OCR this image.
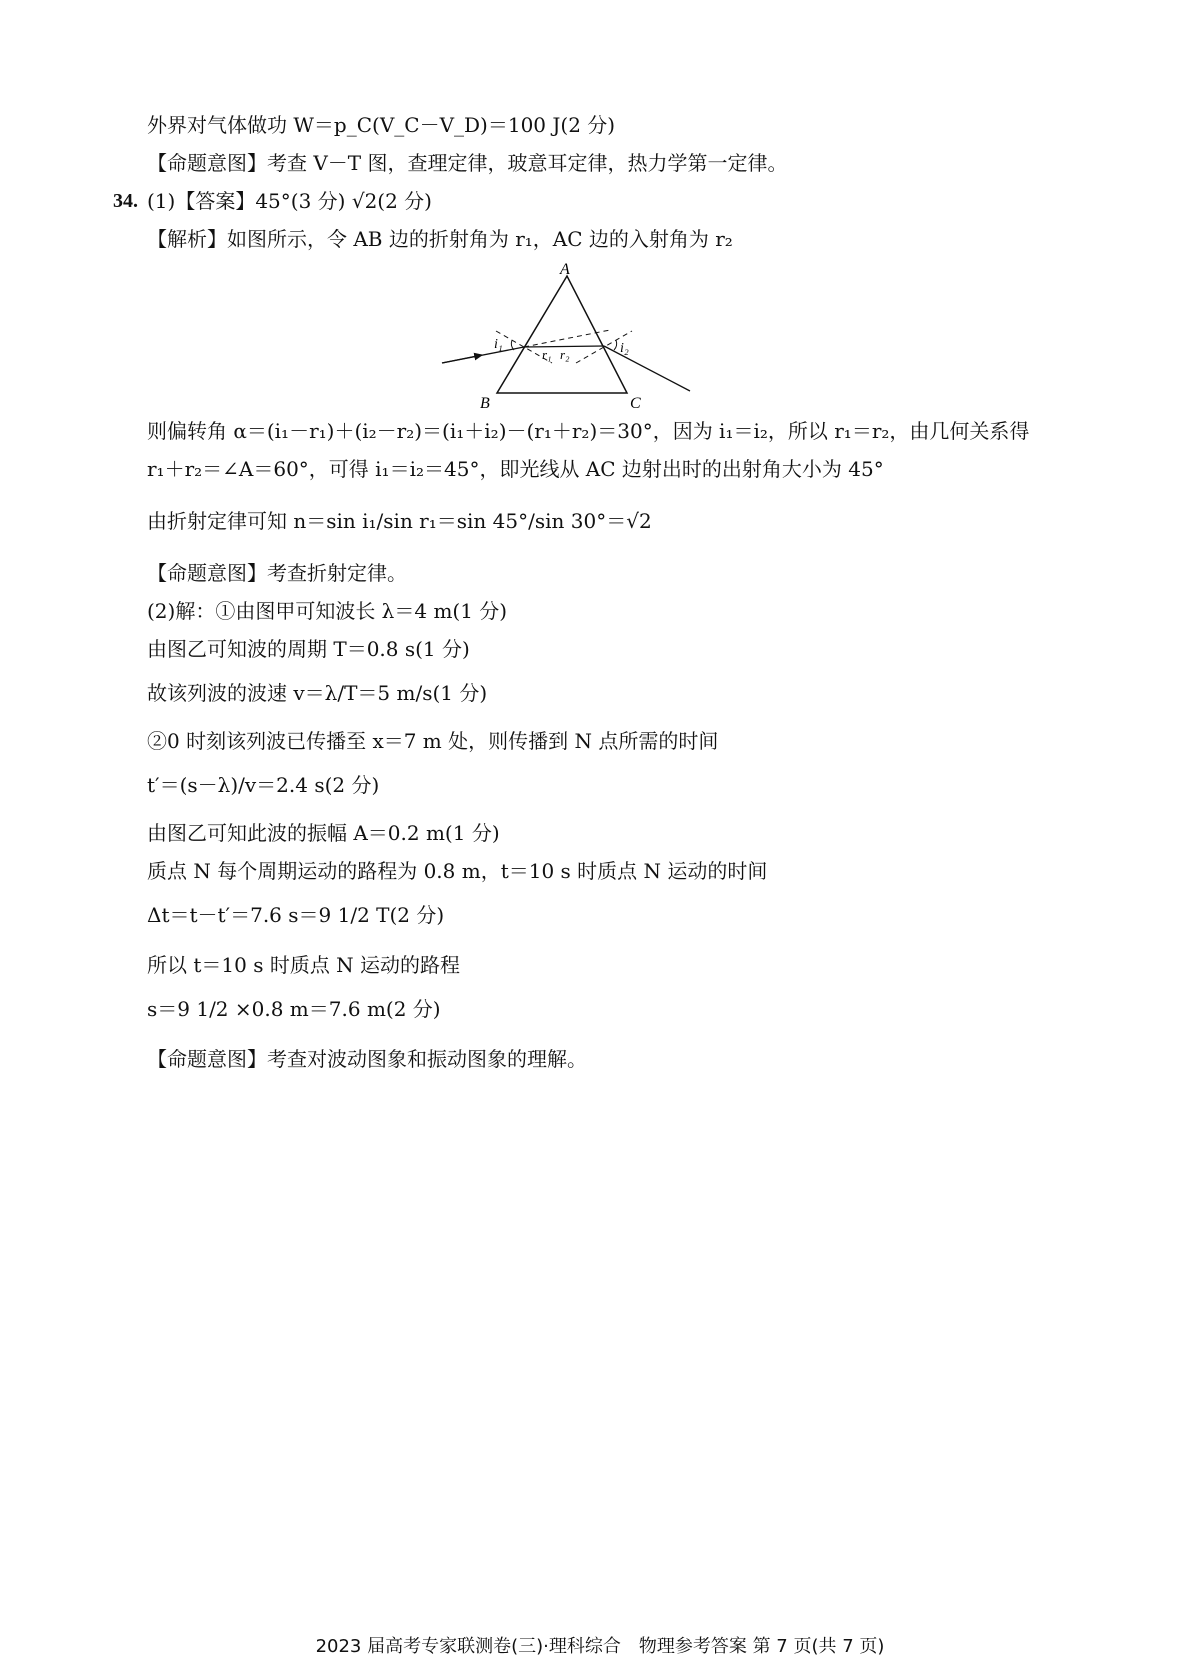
外界对气体做功 W＝p_C(V_C－V_D)＝100 J(2 分)
【命题意图】考查 V－T 图，查理定律，玻意耳定律，热力学第一定律。
34. (1)【答案】45°(3 分) √2(2 分)
【解析】如图所示，令 AB 边的折射角为 r₁，AC 边的入射角为 r₂
A
B	C
i₁	i₂
r₁ r₂
则偏转角 α＝(i₁－r₁)＋(i₂－r₂)＝(i₁＋i₂)－(r₁＋r₂)＝30°，因为 i₁＝i₂，所以 r₁＝r₂，由几何关系得
r₁＋r₂＝∠A＝60°，可得 i₁＝i₂＝45°，即光线从 AC 边射出时的出射角大小为 45°
由折射定律可知 n＝sin i₁/sin r₁＝sin 45°/sin 30°＝√2
【命题意图】考查折射定律。
(2)解：①由图甲可知波长 λ＝4 m(1 分)
由图乙可知波的周期 T＝0.8 s(1 分)
故该列波的波速 v＝λ/T＝5 m/s(1 分)
②0 时刻该列波已传播至 x＝7 m 处，则传播到 N 点所需的时间
t′＝(s－λ)/v＝2.4 s(2 分)
由图乙可知此波的振幅 A＝0.2 m(1 分)
质点 N 每个周期运动的路程为 0.8 m，t＝10 s 时质点 N 运动的时间
Δt＝t－t′＝7.6 s＝9 1/2 T(2 分)
所以 t＝10 s 时质点 N 运动的路程
s＝9 1/2 ×0.8 m＝7.6 m(2 分)
【命题意图】考查对波动图象和振动图象的理解。
2023 届高考专家联测卷(三)·理科综合　物理参考答案 第 7 页(共 7 页)
